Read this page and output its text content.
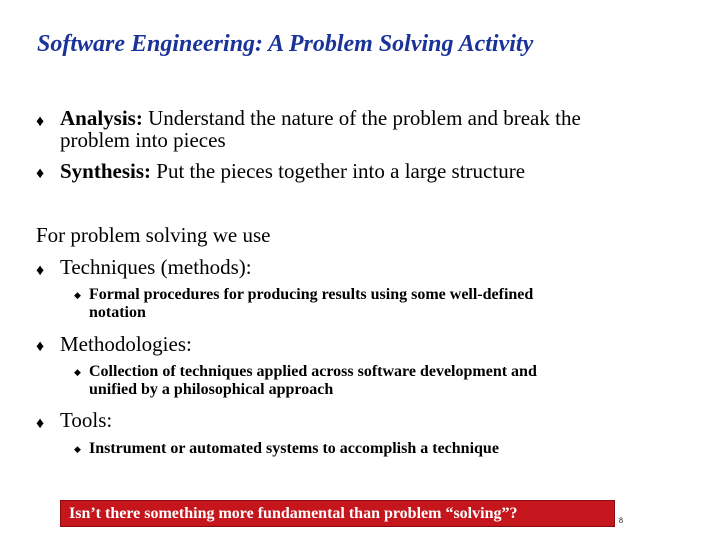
Software Engineering: A Problem Solving Activity
♦ Analysis: Understand the nature of the problem and break the
problem into pieces
♦ Synthesis: Put the pieces together into a large structure
For problem solving we use
♦ Techniques (methods):
◆ Formal procedures for producing results using some well-defined
notation
♦ Methodologies:
◆ Collection of techniques applied across software development and
unified by a philosophical approach
♦ Tools:
◆ Instrument or automated systems to accomplish a technique
Isn’t there something more fundamental than problem “solving”?	8
